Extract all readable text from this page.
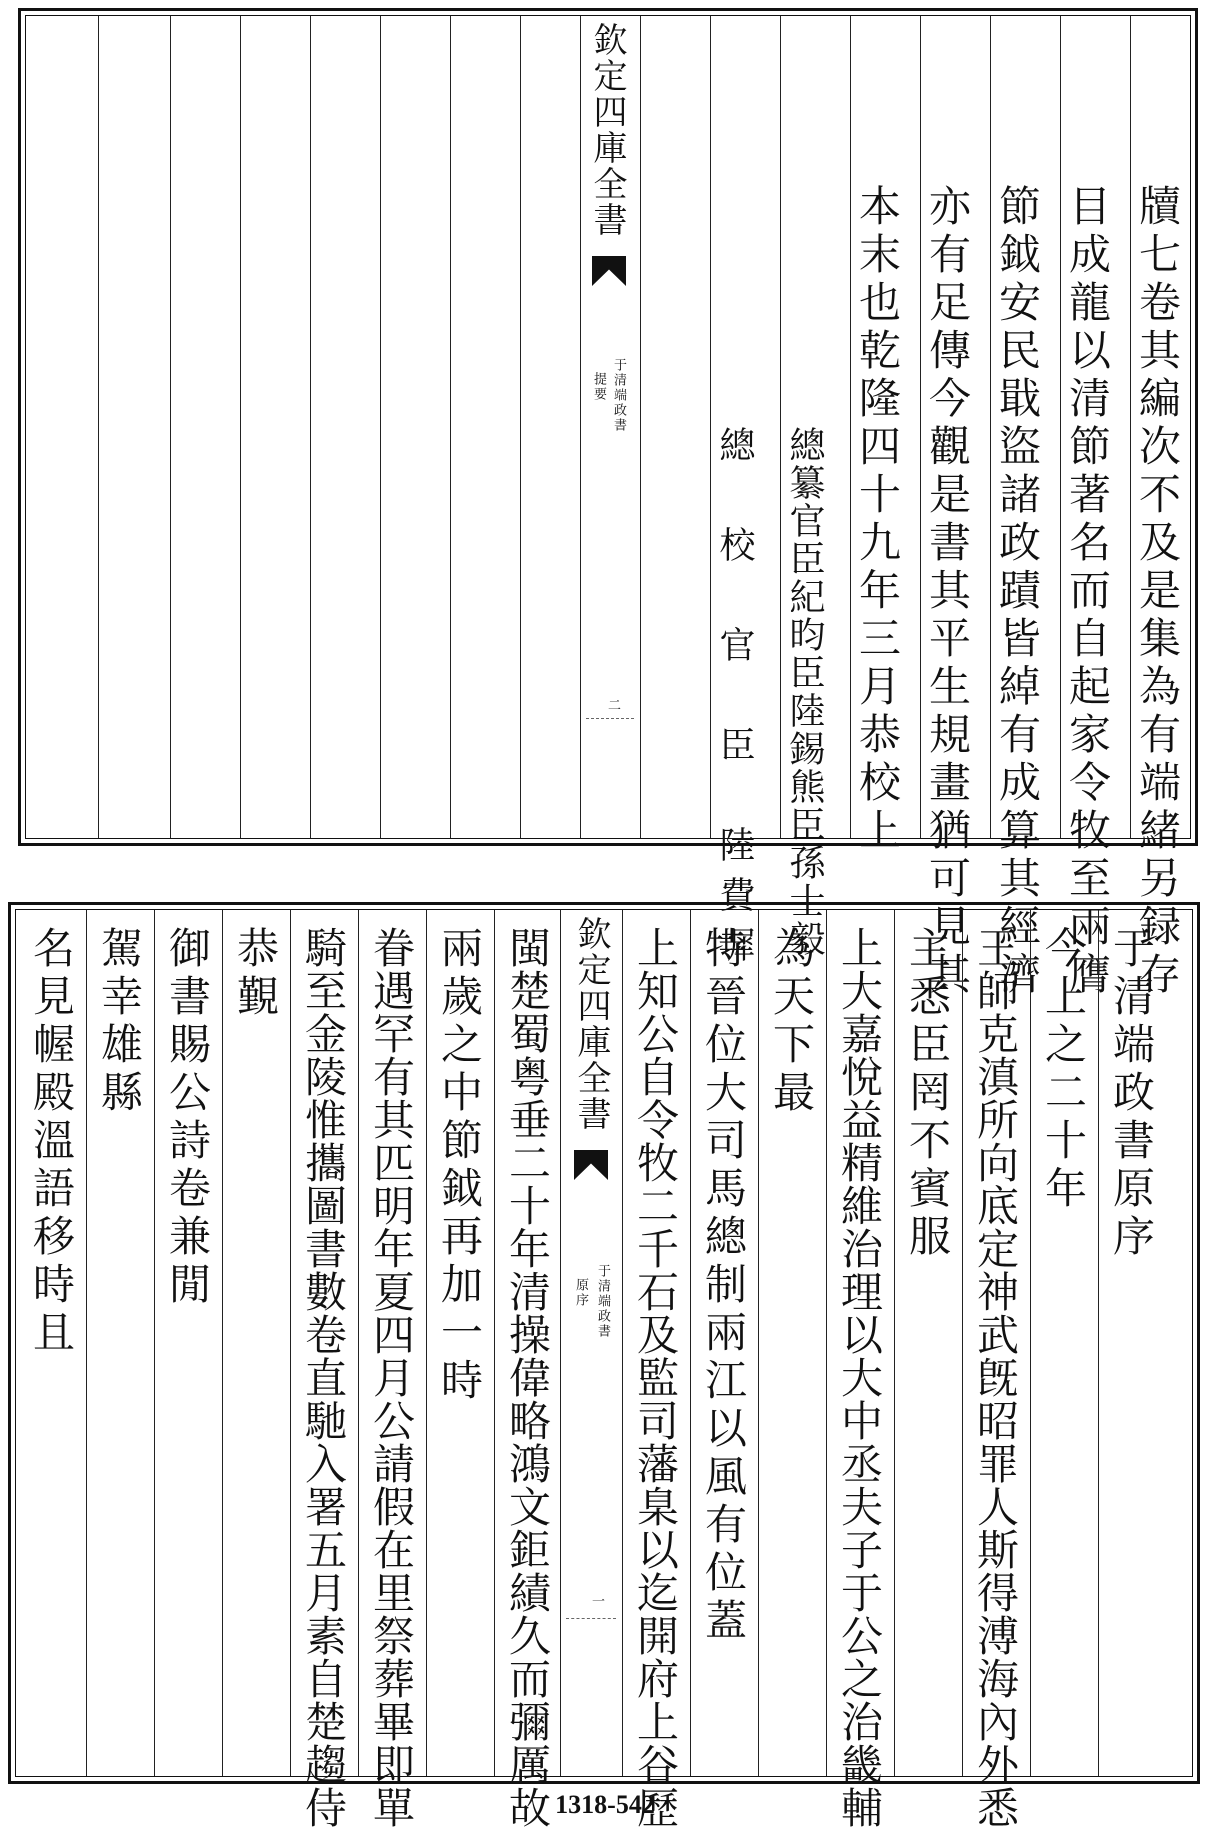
欽定四庫全書
于清端政書
提要
二	牘七卷其編次不及是集為有端緒另録存
目成龍以清節著名而自起家令牧至兩膺
節鉞安民戢盜諸政蹟皆綽有成算其經濟
亦有足傳今觀是書其平生規畫猶可見其
本末也乾隆四十九年三月恭校上
總纂官臣紀昀臣陸錫熊臣孫士毅
總　校　官　臣　陸費墀
欽定四庫全書
于清端政書
原序
一
于清端政書原序
今上之二十年
王師克滇所向底定神武旣昭罪人斯得溥海內外悉
主悉臣罔不賓服
上大嘉悅益精維治理以大中丞夫子于公之治畿輔
為天下最
特晉位大司馬總制兩江以風有位蓋
上知公自令牧二千石及監司藩臬以迄開府上谷歷
閩楚蜀粤垂二十年清操偉略鴻文鉅績久而彌厲故
兩歲之中節鉞再加一時
眷遇罕有其匹明年夏四月公請假在里祭葬畢即單
騎至金陵惟攜圖書數卷直馳入署五月素自楚趨侍
恭覲
御書賜公詩卷兼閒
駕幸雄縣
名見幄殿溫語移時且
1318-542
